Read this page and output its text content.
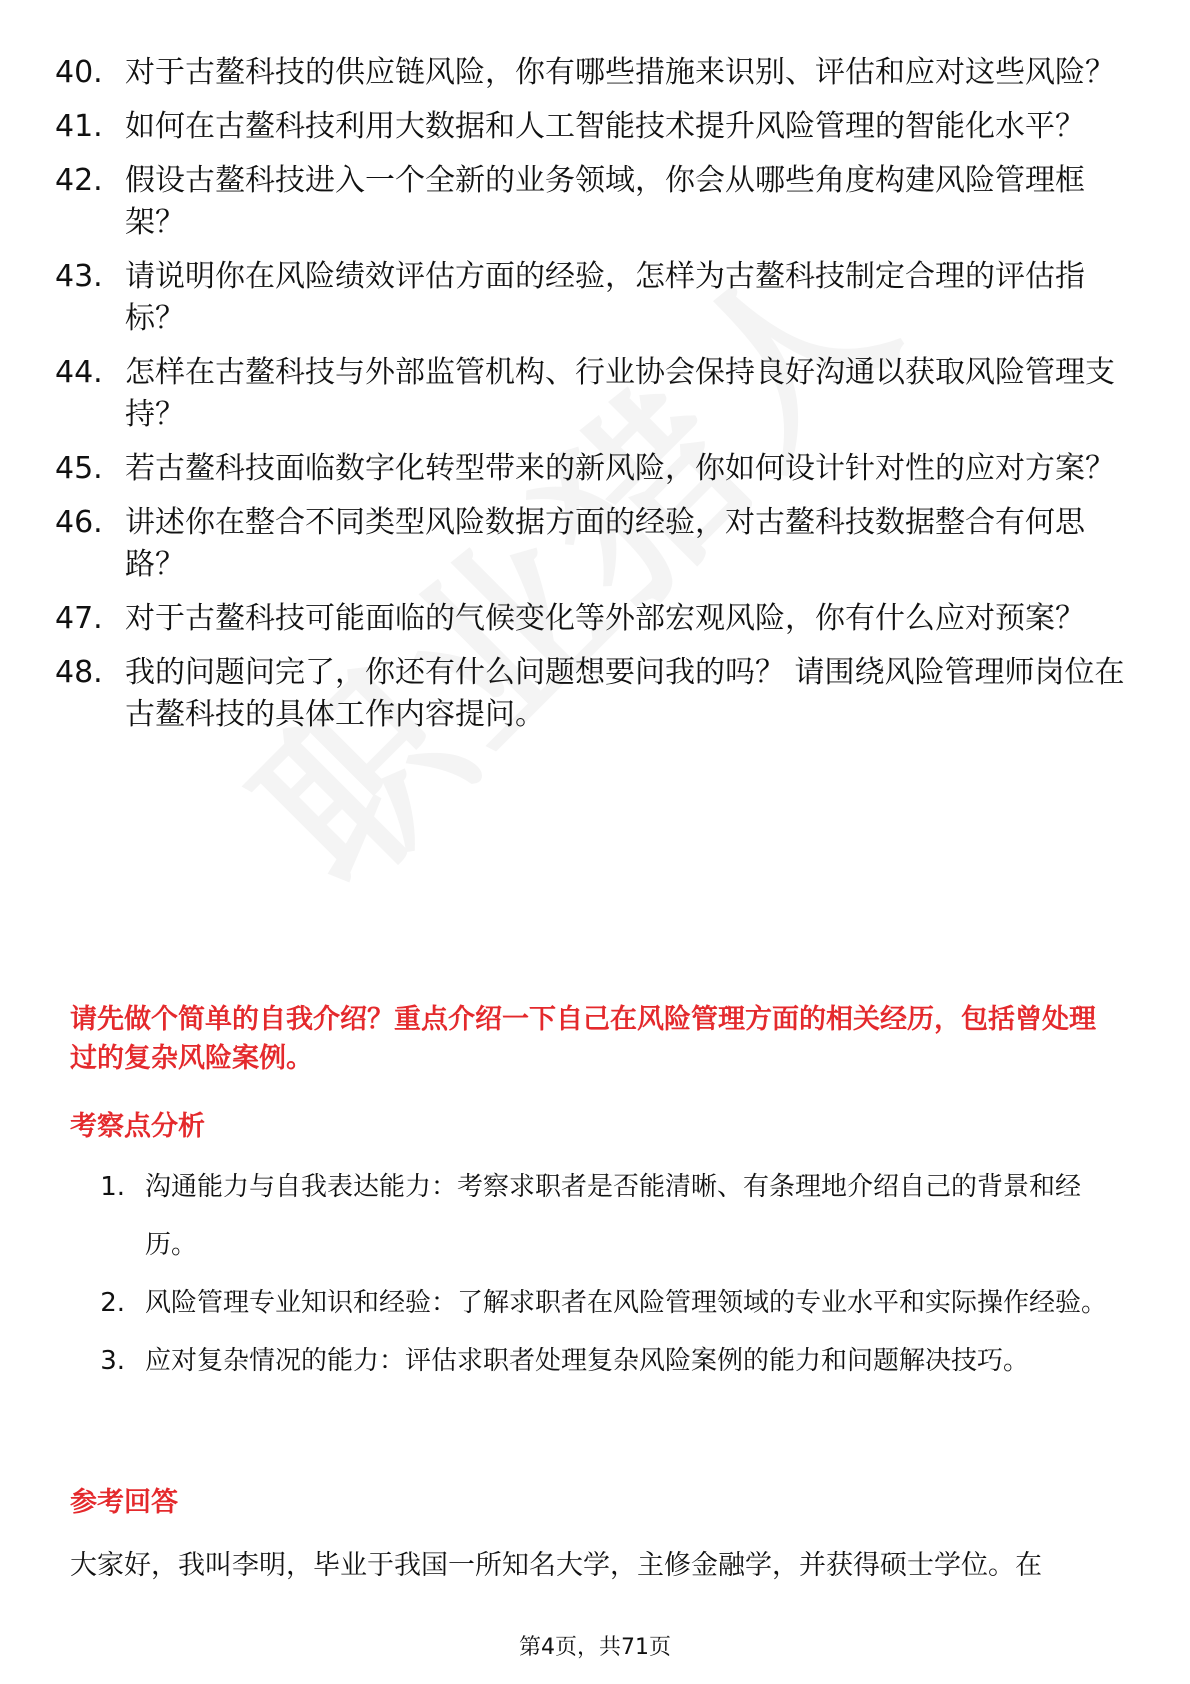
40. 对于古鳌科技的供应链风险，你有哪些措施来识别、评估和应对这些风险？
41. 如何在古鳌科技利用大数据和人工智能技术提升风险管理的智能化水平？
42. 假设古鳌科技进入一个全新的业务领域，你会从哪些角度构建风险管理框架？
43. 请说明你在风险绩效评估方面的经验，怎样为古鳌科技制定合理的评估指标？
44. 怎样在古鳌科技与外部监管机构、行业协会保持良好沟通以获取风险管理支持？
45. 若古鳌科技面临数字化转型带来的新风险，你如何设计针对性的应对方案？
46. 讲述你在整合不同类型风险数据方面的经验，对古鳌科技数据整合有何思路？
47. 对于古鳌科技可能面临的气候变化等外部宏观风险，你有什么应对预案？
48. 我的问题问完了，你还有什么问题想要问我的吗？ 请围绕风险管理师岗位在古鳌科技的具体工作内容提问。
请先做个简单的自我介绍？重点介绍一下自己在风险管理方面的相关经历，包括曾处理过的复杂风险案例。
考察点分析
1. 沟通能力与自我表达能力：考察求职者是否能清晰、有条理地介绍自己的背景和经历。
2. 风险管理专业知识和经验：了解求职者在风险管理领域的专业水平和实际操作经验。
3. 应对复杂情况的能力：评估求职者处理复杂风险案例的能力和问题解决技巧。
参考回答
大家好，我叫李明，毕业于我国一所知名大学，主修金融学，并获得硕士学位。在
第4页，共71页
